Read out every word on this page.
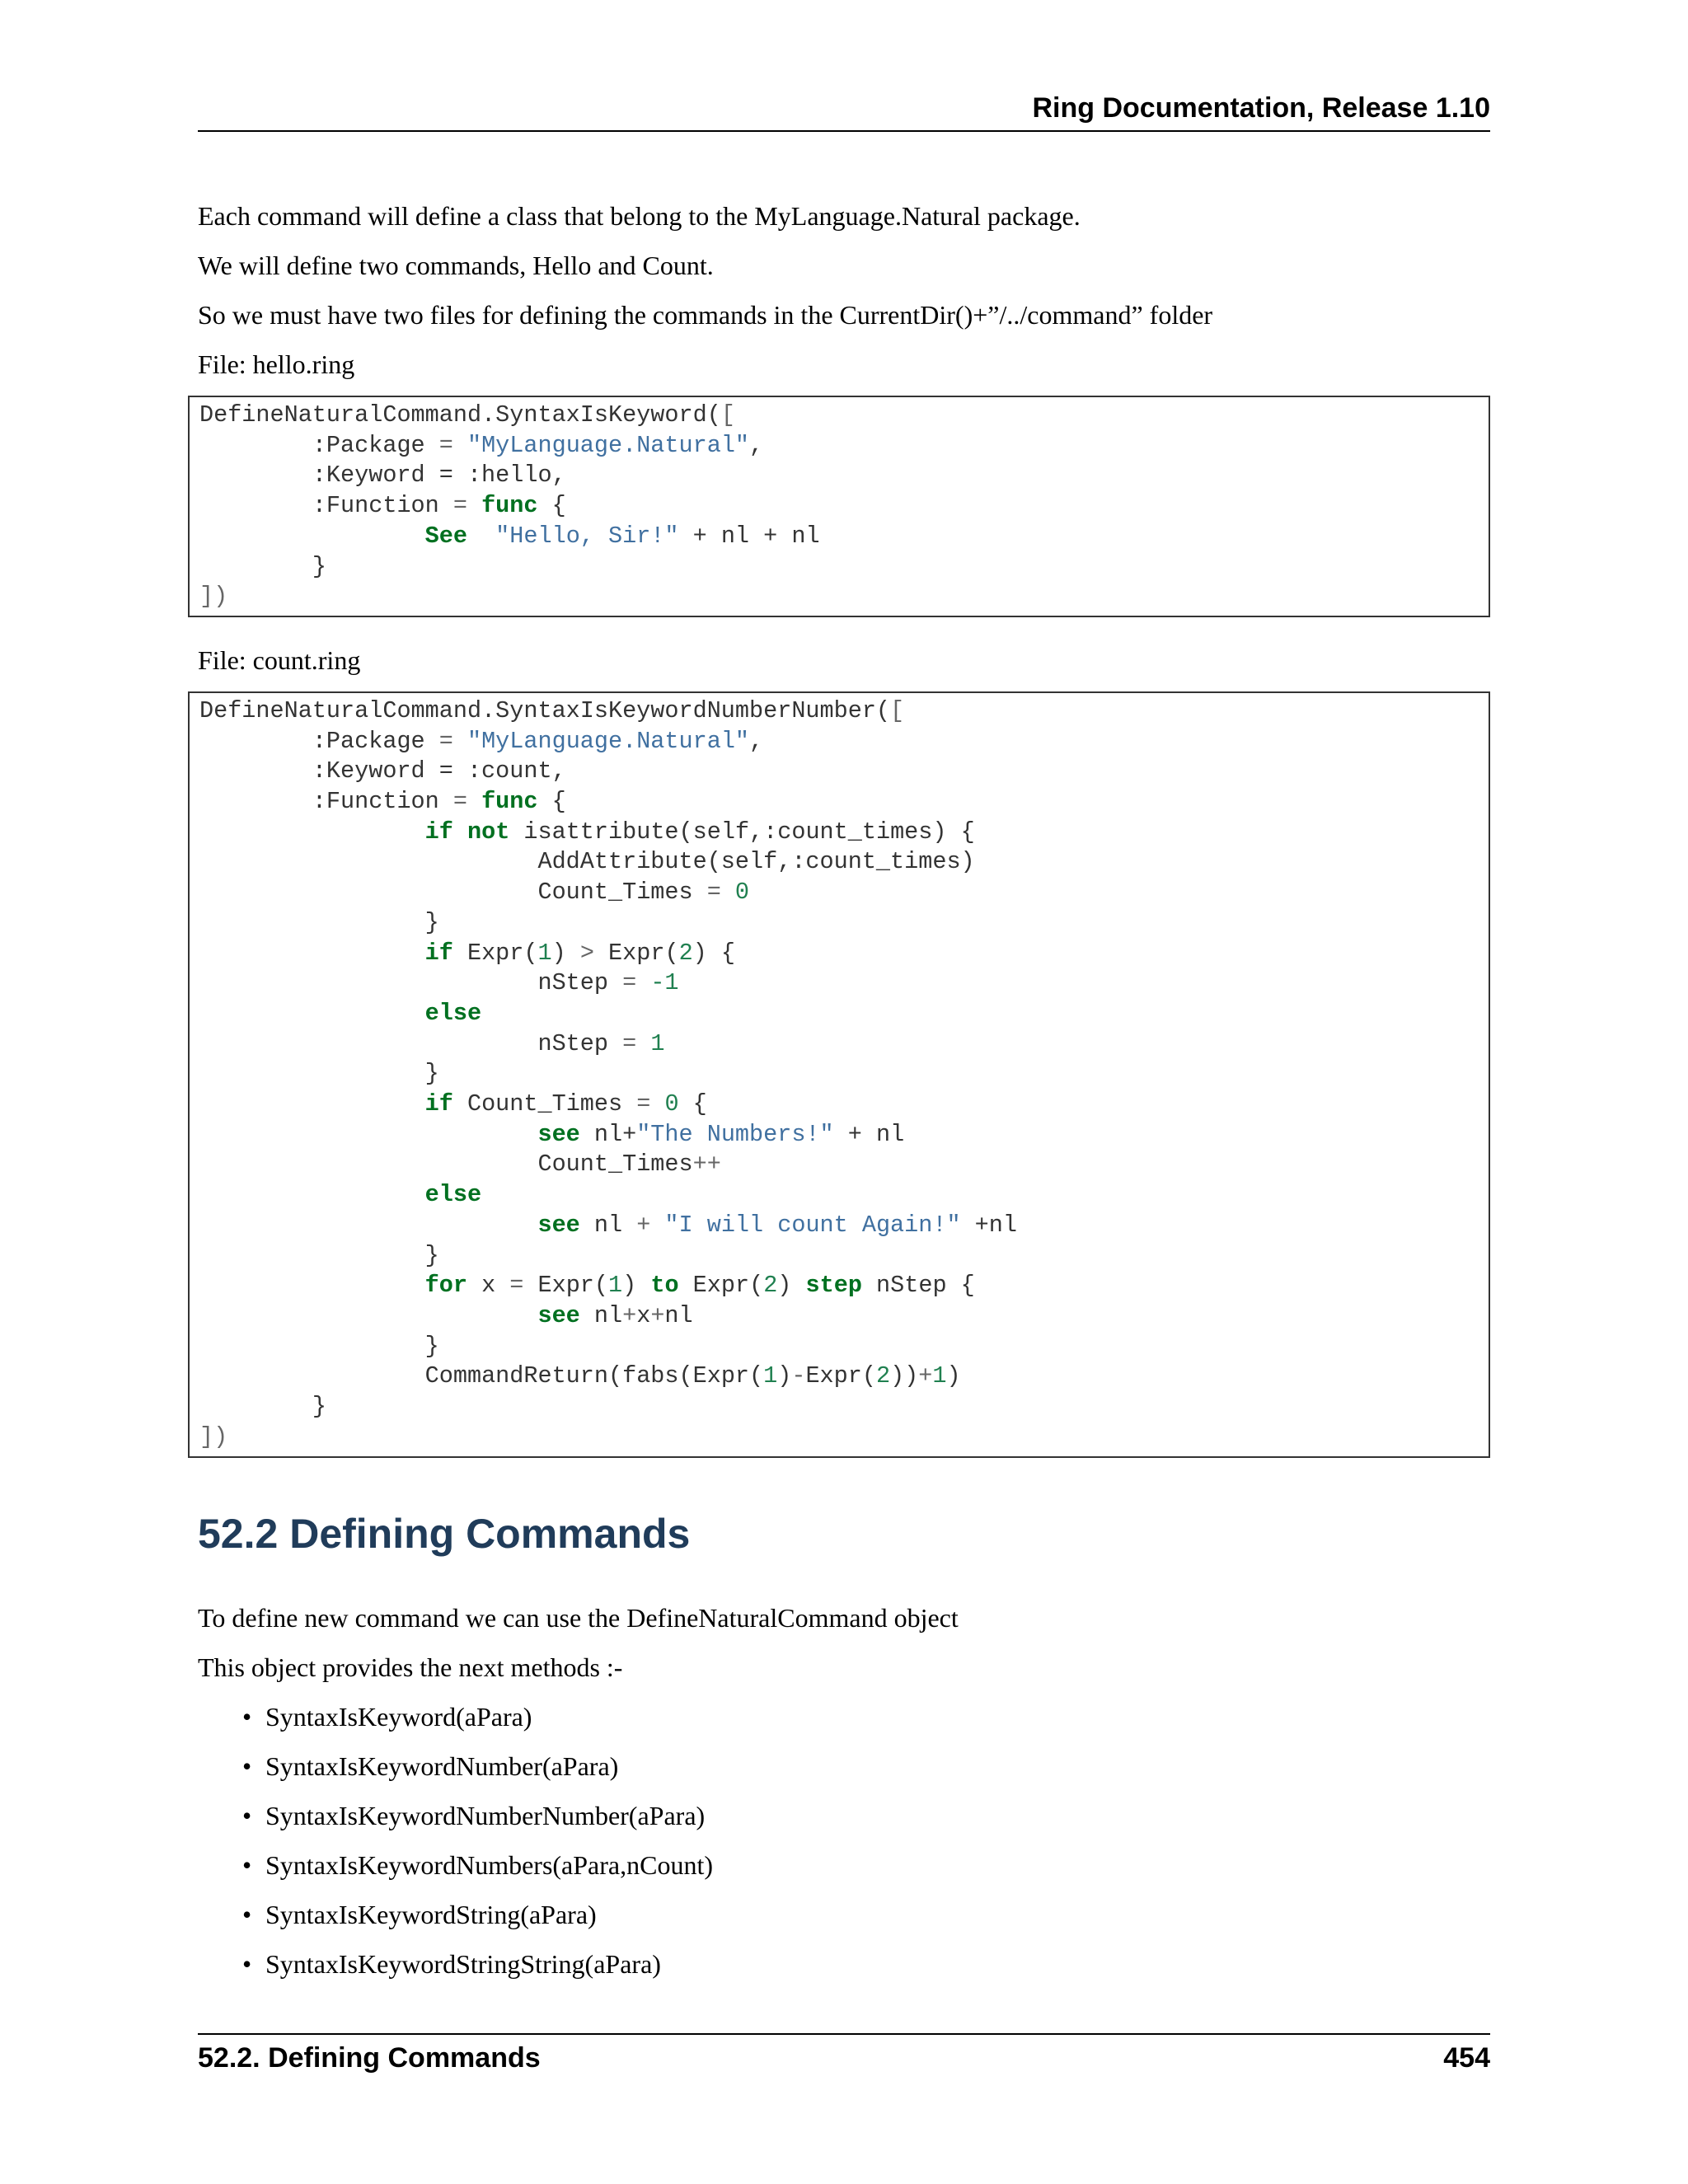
Ring Documentation, Release 1.10

Each command will define a class that belong to the MyLanguage.Natural package.

We will define two commands, Hello and Count.

So we must have two files for defining the commands in the CurrentDir()+”/../command” folder

File: hello.ring

DefineNaturalCommand.SyntaxIsKeyword([
:Package = "MyLanguage.Natural",
:Keyword = :hello,
:Function = func {
See  "Hello, Sir!" + nl + nl
}
])

File: count.ring

DefineNaturalCommand.SyntaxIsKeywordNumberNumber([
:Package = "MyLanguage.Natural",
:Keyword = :count,
:Function = func {
if not isattribute(self,:count_times) {
AddAttribute(self,:count_times)
Count_Times = 0
}
if Expr(1) > Expr(2) {
nStep = -1
else
nStep = 1
}
if Count_Times = 0 {
see nl+"The Numbers!" + nl
Count_Times++
else
see nl + "I will count Again!" +nl
}
for x = Expr(1) to Expr(2) step nStep {
see nl+x+nl
}
CommandReturn(fabs(Expr(1)-Expr(2))+1)
}
])
52.2 Defining Commands

To define new command we can use the DefineNaturalCommand object

This object provides the next methods :-

• SyntaxIsKeyword(aPara)
• SyntaxIsKeywordNumber(aPara)
• SyntaxIsKeywordNumberNumber(aPara)
• SyntaxIsKeywordNumbers(aPara,nCount)
• SyntaxIsKeywordString(aPara)
• SyntaxIsKeywordStringString(aPara)
52.2. Defining Commands	454
